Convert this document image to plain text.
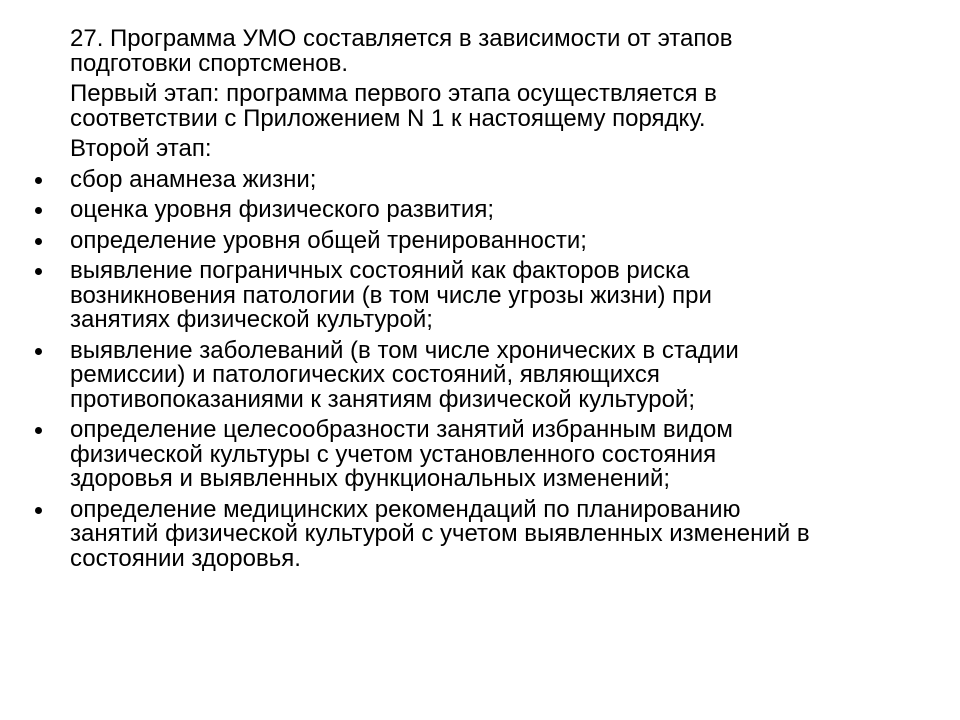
27. Программа УМО составляется в зависимости от этапов
подготовки спортсменов.
Первый этап: программа первого этапа осуществляется в
соответствии с Приложением N 1 к настоящему порядку.
Второй этап:
сбор анамнеза жизни;
оценка уровня физического развития;
определение уровня общей тренированности;
выявление пограничных состояний как факторов риска
возникновения патологии (в том числе угрозы жизни) при
занятиях физической культурой;
выявление заболеваний (в том числе хронических в стадии
ремиссии) и патологических состояний, являющихся
противопоказаниями к занятиям физической культурой;
определение целесообразности занятий избранным видом
физической культуры с учетом установленного состояния
здоровья и выявленных функциональных изменений;
определение медицинских рекомендаций по планированию
занятий физической культурой с учетом выявленных изменений в
состоянии здоровья.
